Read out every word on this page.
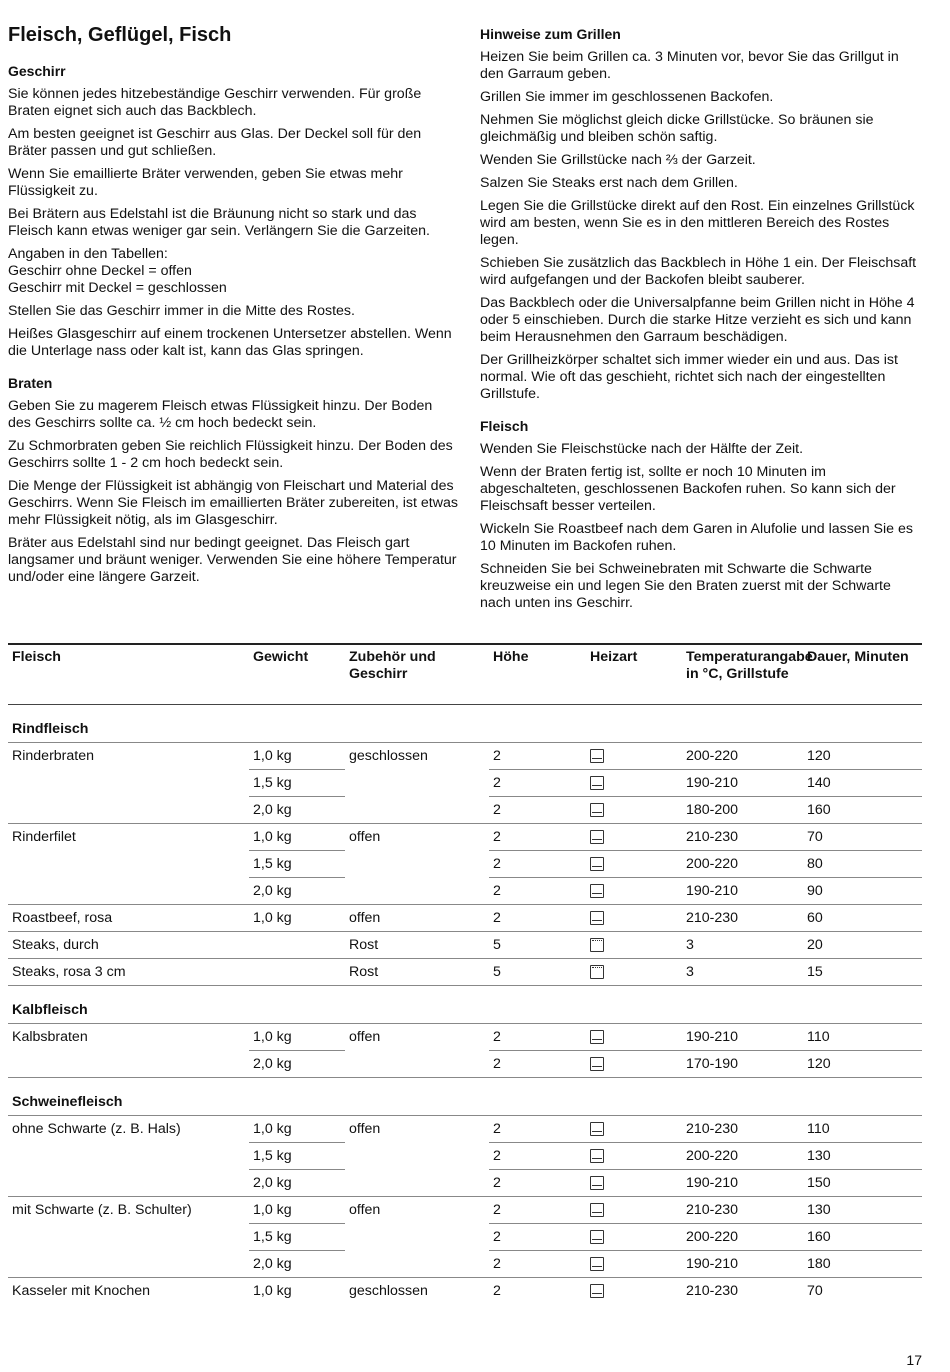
Fleisch, Geflügel, Fisch
Geschirr

Sie können jedes hitzebeständige Geschirr verwenden. Für große Braten eignet sich auch das Backblech.

Am besten geeignet ist Geschirr aus Glas. Der Deckel soll für den Bräter passen und gut schließen.

Wenn Sie emaillierte Bräter verwenden, geben Sie etwas mehr Flüssigkeit zu.

Bei Brätern aus Edelstahl ist die Bräunung nicht so stark und das Fleisch kann etwas weniger gar sein. Verlängern Sie die Garzeiten.

Angaben in den Tabellen:

Geschirr ohne Deckel = offen

Geschirr mit Deckel = geschlossen

Stellen Sie das Geschirr immer in die Mitte des Rostes.

Heißes Glasgeschirr auf einem trockenen Untersetzer abstellen. Wenn die Unterlage nass oder kalt ist, kann das Glas springen.

Braten

Geben Sie zu magerem Fleisch etwas Flüssigkeit hinzu. Der Boden des Geschirrs sollte ca. ½ cm hoch bedeckt sein.

Zu Schmorbraten geben Sie reichlich Flüssigkeit hinzu. Der Boden des Geschirrs sollte 1 - 2 cm hoch bedeckt sein.

Die Menge der Flüssigkeit ist abhängig von Fleischart und Material des Geschirrs. Wenn Sie Fleisch im emaillierten Bräter zubereiten, ist etwas mehr Flüssigkeit nötig, als im Glasgeschirr.

Bräter aus Edelstahl sind nur bedingt geeignet. Das Fleisch gart langsamer und bräunt weniger. Verwenden Sie eine höhere Temperatur und/oder eine längere Garzeit.

Hinweise zum Grillen

Heizen Sie beim Grillen ca. 3 Minuten vor, bevor Sie das Grillgut in den Garraum geben.

Grillen Sie immer im geschlossenen Backofen.

Nehmen Sie möglichst gleich dicke Grillstücke. So bräunen sie gleichmäßig und bleiben schön saftig.

Wenden Sie Grillstücke nach ⅔ der Garzeit.

Salzen Sie Steaks erst nach dem Grillen.

Legen Sie die Grillstücke direkt auf den Rost. Ein einzelnes Grillstück wird am besten, wenn Sie es in den mittleren Bereich des Rostes legen.

Schieben Sie zusätzlich das Backblech in Höhe 1 ein. Der Fleischsaft wird aufgefangen und der Backofen bleibt sauberer.

Das Backblech oder die Universalpfanne beim Grillen nicht in Höhe 4 oder 5 einschieben. Durch die starke Hitze verzieht es sich und kann beim Herausnehmen den Garraum beschädigen.

Der Grillheizkörper schaltet sich immer wieder ein und aus. Das ist normal. Wie oft das geschieht, richtet sich nach der eingestellten Grillstufe.

Fleisch

Wenden Sie Fleischstücke nach der Hälfte der Zeit.

Wenn der Braten fertig ist, sollte er noch 10 Minuten im abgeschalteten, geschlossenen Backofen ruhen. So kann sich der Fleischsaft besser verteilen.

Wickeln Sie Roastbeef nach dem Garen in Alufolie und lassen Sie es 10 Minuten im Backofen ruhen.

Schneiden Sie bei Schweinebraten mit Schwarte die Schwarte kreuzweise ein und legen Sie den Braten zuerst mit der Schwarte nach unten ins Geschirr.

Fleisch	Gewicht	Zubehör und Geschirr	Höhe	Heizart	Temperaturangabe in °C, Grillstufe	Dauer, Minuten
Rindfleisch						
Rinderbraten	1,0 kg	geschlossen	2		200-220	120
	1,5 kg		2		190-210	140
	2,0 kg		2		180-200	160
Rinderfilet	1,0 kg	offen	2		210-230	70
	1,5 kg		2		200-220	80
	2,0 kg		2		190-210	90
Roastbeef, rosa	1,0 kg	offen	2		210-230	60
Steaks, durch		Rost	5		3	20
Steaks, rosa 3 cm		Rost	5		3	15
Kalbfleisch						
Kalbsbraten	1,0 kg	offen	2		190-210	110
	2,0 kg		2		170-190	120
Schweinefleisch						
ohne Schwarte (z. B. Hals)	1,0 kg	offen	2		210-230	110
	1,5 kg		2		200-220	130
	2,0 kg		2		190-210	150
mit Schwarte (z. B. Schulter)	1,0 kg	offen	2		210-230	130
	1,5 kg		2		200-220	160
	2,0 kg		2		190-210	180
Kasseler mit Knochen	1,0 kg	geschlossen	2		210-230	70
17
